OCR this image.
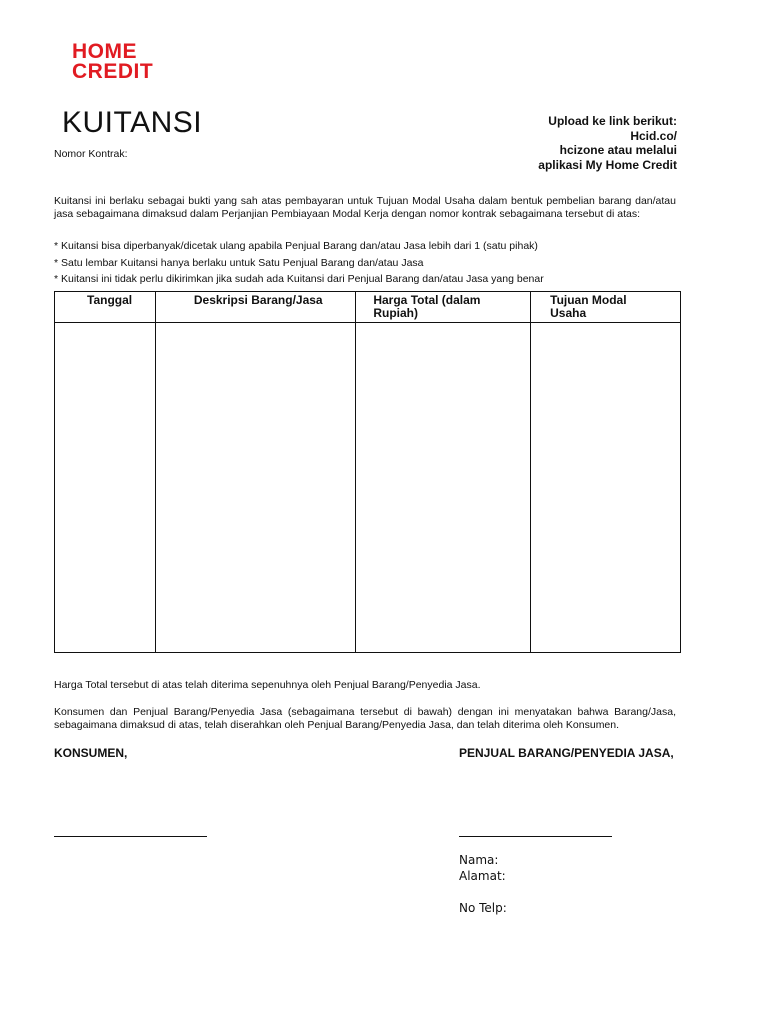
HOME
CREDIT
KUITANSI
Nomor Kontrak:
Upload ke link berikut:
Hcid.co/
hcizone atau melalui
aplikasi My Home Credit
Kuitansi ini berlaku sebagai bukti yang sah atas pembayaran untuk Tujuan Modal Usaha dalam bentuk pembelian barang dan/atau jasa sebagaimana dimaksud dalam Perjanjian Pembiayaan Modal Kerja dengan nomor kontrak sebagaimana tersebut di atas:
* Kuitansi bisa diperbanyak/dicetak ulang apabila Penjual Barang dan/atau Jasa lebih dari 1 (satu pihak)
* Satu lembar Kuitansi hanya berlaku untuk Satu Penjual Barang dan/atau Jasa
* Kuitansi ini tidak perlu dikirimkan jika sudah ada Kuitansi dari Penjual Barang dan/atau Jasa yang benar
Tanggal	Deskripsi Barang/Jasa	Harga Total (dalam Rupiah)	Tujuan Modal Usaha

Harga Total tersebut di atas telah diterima sepenuhnya oleh Penjual Barang/Penyedia Jasa.
Konsumen dan Penjual Barang/Penyedia Jasa (sebagaimana tersebut di bawah) dengan ini menyatakan bahwa Barang/Jasa, sebagaimana dimaksud di atas, telah diserahkan oleh Penjual Barang/Penyedia Jasa, dan telah diterima oleh Konsumen.
KONSUMEN,	PENJUAL BARANG/PENYEDIA JASA,
Nama:
Alamat:
No Telp:
